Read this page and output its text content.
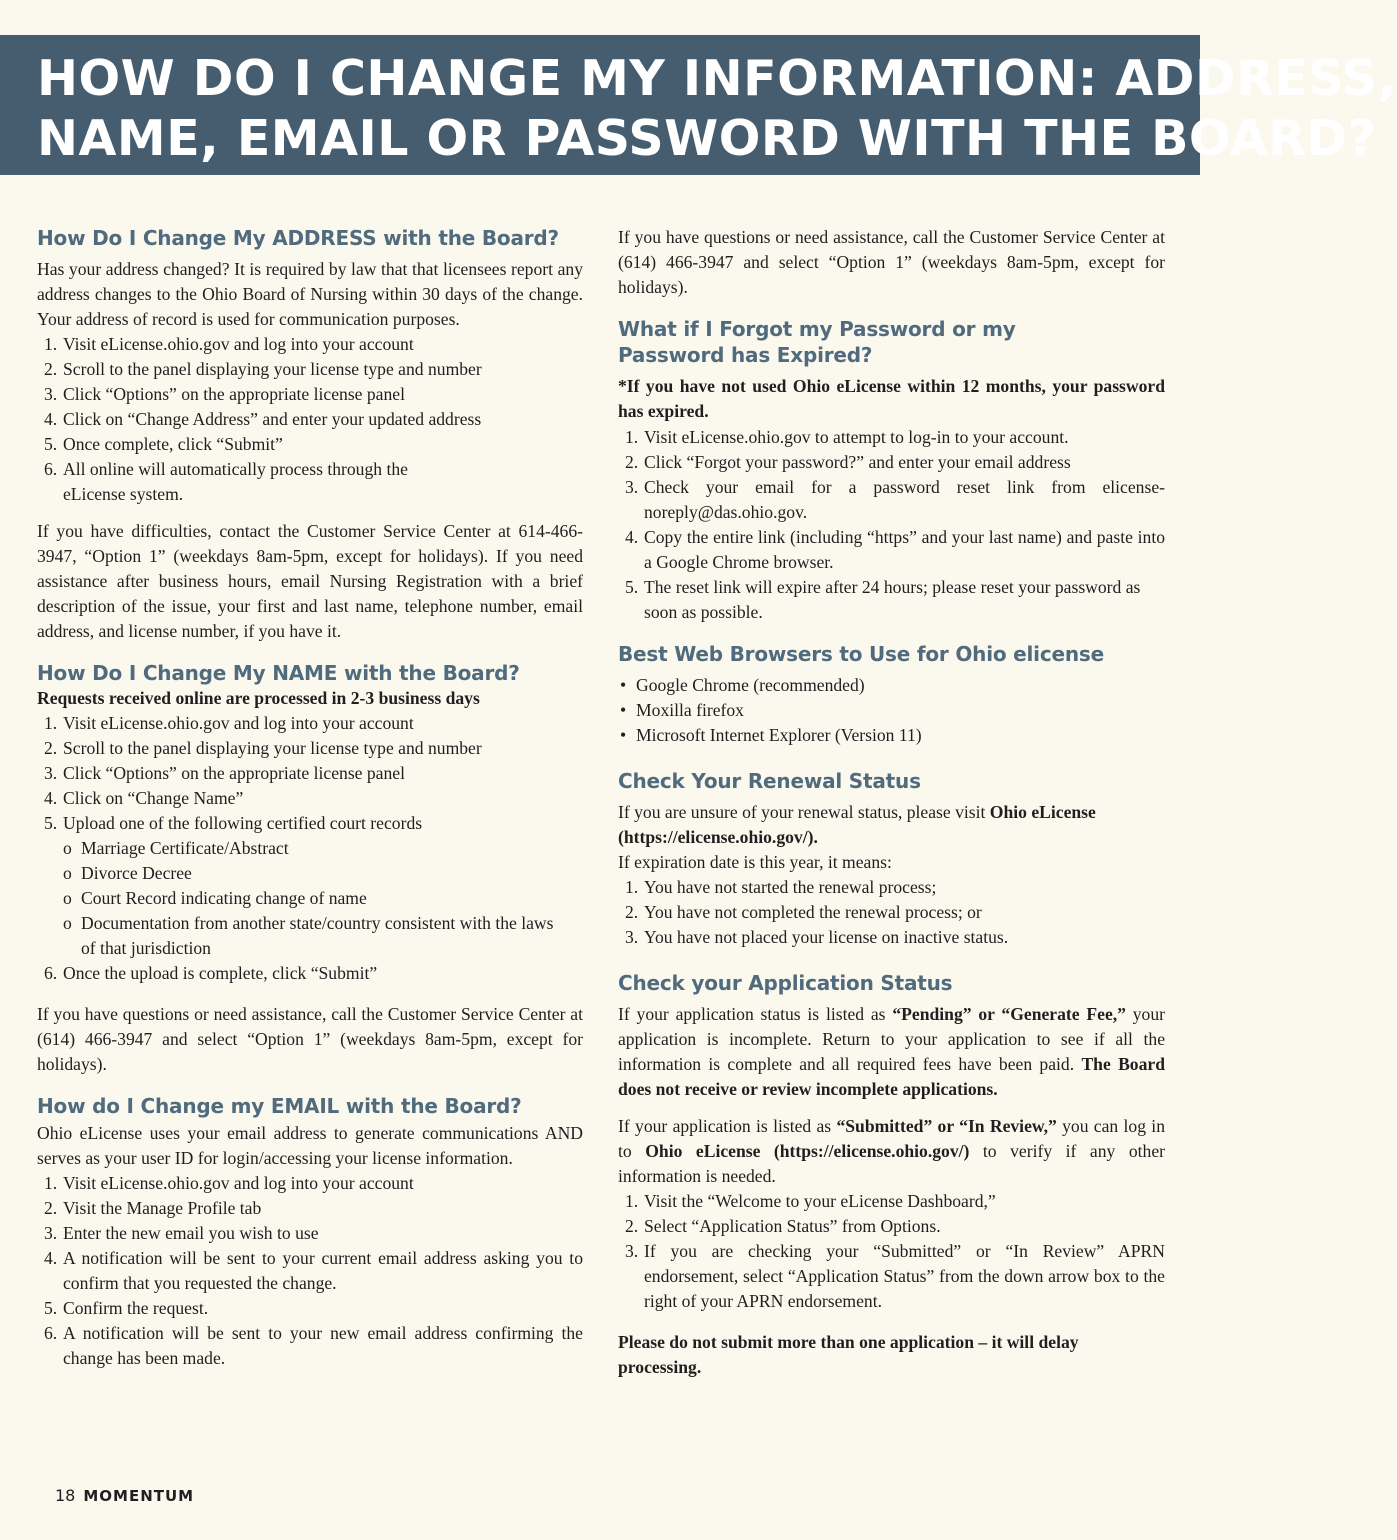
HOW DO I CHANGE MY INFORMATION: ADDRESS,
NAME, EMAIL OR PASSWORD WITH THE BOARD?
How Do I Change My ADDRESS with the Board?

Has your address changed? It is required by law that that licensees report any address changes to the Ohio Board of Nursing within 30 days of the change. Your address of record is used for communication purposes.

1. Visit eLicense.ohio.gov and log into your account
2. Scroll to the panel displaying your license type and number
3. Click “Options” on the appropriate license panel
4. Click on “Change Address” and enter your updated address
5. Once complete, click “Submit”
6. All online will automatically process through the eLicense system.

If you have difficulties, contact the Customer Service Center at 614-466-3947, “Option 1” (weekdays 8am-5pm, except for holidays). If you need assistance after business hours, email Nursing Registration with a brief description of the issue, your first and last name, telephone number, email address, and license number, if you have it.

How Do I Change My NAME with the Board?

Requests received online are processed in 2-3 business days

1. Visit eLicense.ohio.gov and log into your account
2. Scroll to the panel displaying your license type and number
3. Click “Options” on the appropriate license panel
4. Click on “Change Name”
5. Upload one of the following certified court records
o Marriage Certificate/Abstract
o Divorce Decree
o Court Record indicating change of name
o Documentation from another state/country consistent with the laws of that jurisdiction
6. Once the upload is complete, click “Submit”

If you have questions or need assistance, call the Customer Service Center at (614) 466-3947 and select “Option 1” (weekdays 8am-5pm, except for holidays).

How do I Change my EMAIL with the Board?

Ohio eLicense uses your email address to generate communications AND serves as your user ID for login/accessing your license information.

1. Visit eLicense.ohio.gov and log into your account
2. Visit the Manage Profile tab
3. Enter the new email you wish to use
4. A notification will be sent to your current email address asking you to confirm that you requested the change.
5. Confirm the request.
6. A notification will be sent to your new email address confirming the change has been made.

If you have questions or need assistance, call the Customer Service Center at (614) 466-3947 and select “Option 1” (weekdays 8am-5pm, except for holidays).

What if I Forgot my Password or my Password has Expired?

*If you have not used Ohio eLicense within 12 months, your password has expired.

1. Visit eLicense.ohio.gov to attempt to log-in to your account.
2. Click “Forgot your password?” and enter your email address
3. Check your email for a password reset link from elicense-noreply@das.ohio.gov.
4. Copy the entire link (including “https” and your last name) and paste into a Google Chrome browser.
5. The reset link will expire after 24 hours; please reset your password as soon as possible.
Best Web Browsers to Use for Ohio elicense
• Google Chrome (recommended)
• Moxilla firefox
• Microsoft Internet Explorer (Version 11)
Check Your Renewal Status

If you are unsure of your renewal status, please visit Ohio eLicense (https://elicense.ohio.gov/).

If expiration date is this year, it means:

1. You have not started the renewal process;
2. You have not completed the renewal process; or
3. You have not placed your license on inactive status.
Check your Application Status

If your application status is listed as “Pending” or “Generate Fee,” your application is incomplete. Return to your application to see if all the information is complete and all required fees have been paid. The Board does not receive or review incomplete applications.

If your application is listed as “Submitted” or “In Review,” you can log in to Ohio eLicense (https://elicense.ohio.gov/) to verify if any other information is needed.

1. Visit the “Welcome to your eLicense Dashboard,”
2. Select “Application Status” from Options.
3. If you are checking your “Submitted” or “In Review” APRN endorsement, select “Application Status” from the down arrow box to the right of your APRN endorsement.

Please do not submit more than one application – it will delay processing.

18 MOMENTUM
